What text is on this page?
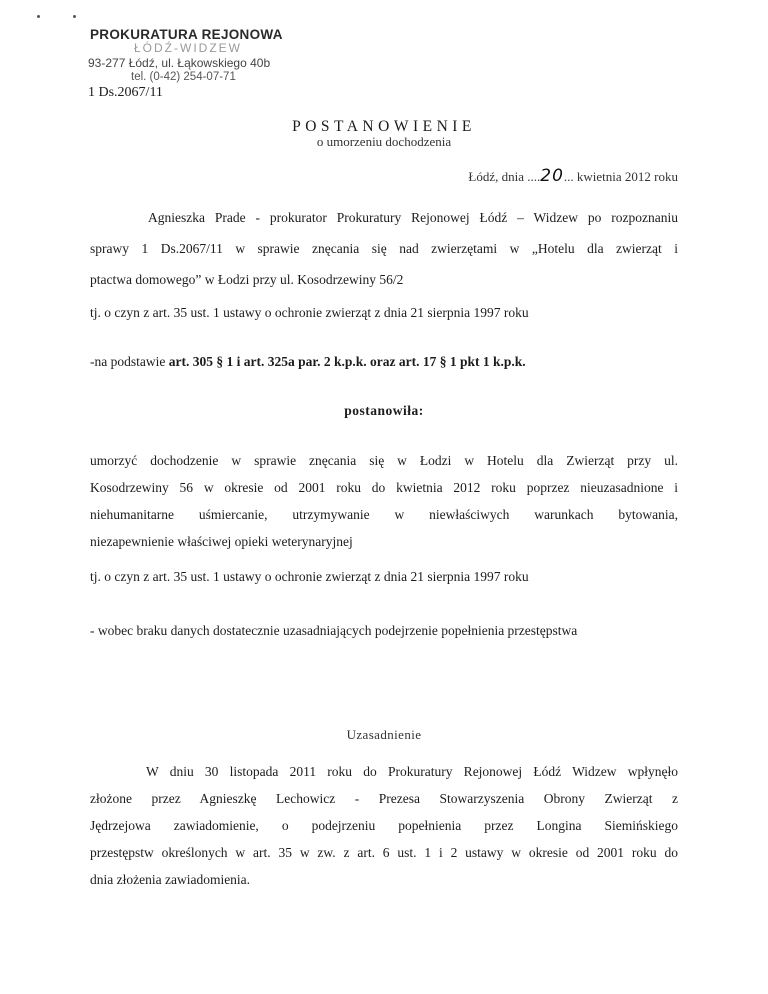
PROKURATURA REJONOWA
ŁÓDŹ-WIDZEW
93-277 Łódź, ul. Łąkowskiego 40b
tel. (0-42) 254-07-71
1 Ds.2067/11
POSTANOWIENIE
o umorzeniu dochodzenia
Łódź, dnia ....20... kwietnia 2012 roku
Agnieszka Prade - prokurator Prokuratury Rejonowej Łódź – Widzew po rozpoznaniu
sprawy 1 Ds.2067/11 w sprawie znęcania się nad zwierzętami w „Hotelu dla zwierząt i
ptactwa domowego” w Łodzi przy ul. Kosodrzewiny 56/2
tj. o czyn z art. 35 ust. 1 ustawy o ochronie zwierząt z dnia 21 sierpnia 1997 roku
-na podstawie art. 305 § 1 i art. 325a par. 2 k.p.k. oraz art. 17 § 1 pkt 1 k.p.k.
postanowiła:
umorzyć dochodzenie w sprawie znęcania się w Łodzi w Hotelu dla Zwierząt przy ul.
Kosodrzewiny 56 w okresie od 2001 roku do kwietnia 2012 roku poprzez nieuzasadnione i
niehumanitarne uśmiercanie, utrzymywanie w niewłaściwych warunkach bytowania,
niezapewnienie właściwej opieki weterynaryjnej
tj. o czyn z art. 35 ust. 1 ustawy o ochronie zwierząt z dnia 21 sierpnia 1997 roku
- wobec braku danych dostatecznie uzasadniających podejrzenie popełnienia przestępstwa
Uzasadnienie
W dniu 30 listopada 2011 roku do Prokuratury Rejonowej Łódź Widzew wpłynęło
złożone przez Agnieszkę Lechowicz - Prezesa Stowarzyszenia Obrony Zwierząt z
Jędrzejowa zawiadomienie, o podejrzeniu popełnienia przez Longina Siemińskiego
przestępstw określonych w art. 35 w zw. z art. 6 ust. 1 i 2 ustawy w okresie od 2001 roku do
dnia złożenia zawiadomienia.
